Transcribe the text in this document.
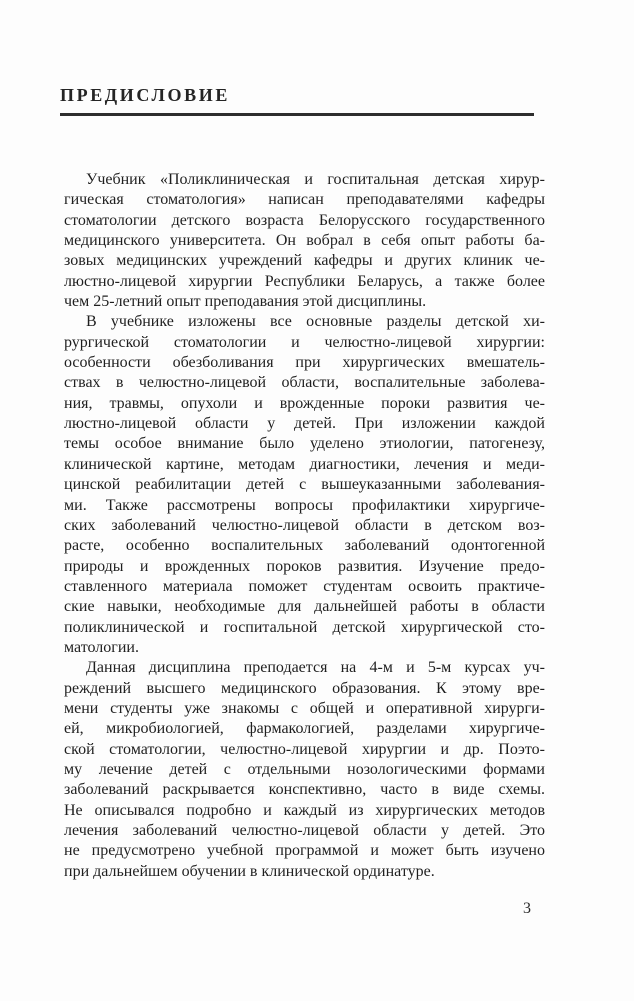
ПРЕДИСЛОВИЕ
Учебник «Поликлиническая и госпитальная детская хирур-
гическая стоматология» написан преподавателями кафедры
стоматологии детского возраста Белорусского государственного
медицинского университета. Он вобрал в себя опыт работы ба-
зовых медицинских учреждений кафедры и других клиник че-
люстно-лицевой хирургии Республики Беларусь, а также более
чем 25-летний опыт преподавания этой дисциплины.
В учебнике изложены все основные разделы детской хи-
рургической стоматологии и челюстно-лицевой хирургии:
особенности обезболивания при хирургических вмешатель-
ствах в челюстно-лицевой области, воспалительные заболева-
ния, травмы, опухоли и врожденные пороки развития че-
люстно-лицевой области у детей. При изложении каждой
темы особое внимание было уделено этиологии, патогенезу,
клинической картине, методам диагностики, лечения и меди-
цинской реабилитации детей с вышеуказанными заболевания-
ми. Также рассмотрены вопросы профилактики хирургиче-
ских заболеваний челюстно-лицевой области в детском воз-
расте, особенно воспалительных заболеваний одонтогенной
природы и врожденных пороков развития. Изучение предо-
ставленного материала поможет студентам освоить практиче-
ские навыки, необходимые для дальнейшей работы в области
поликлинической и госпитальной детской хирургической сто-
матологии.
Данная дисциплина преподается на 4-м и 5-м курсах уч-
реждений высшего медицинского образования. К этому вре-
мени студенты уже знакомы с общей и оперативной хирурги-
ей, микробиологией, фармакологией, разделами хирургиче-
ской стоматологии, челюстно-лицевой хирургии и др. Поэто-
му лечение детей с отдельными нозологическими формами
заболеваний раскрывается конспективно, часто в виде схемы.
Не описывался подробно и каждый из хирургических методов
лечения заболеваний челюстно-лицевой области у детей. Это
не предусмотрено учебной программой и может быть изучено
при дальнейшем обучении в клинической ординатуре.
3
